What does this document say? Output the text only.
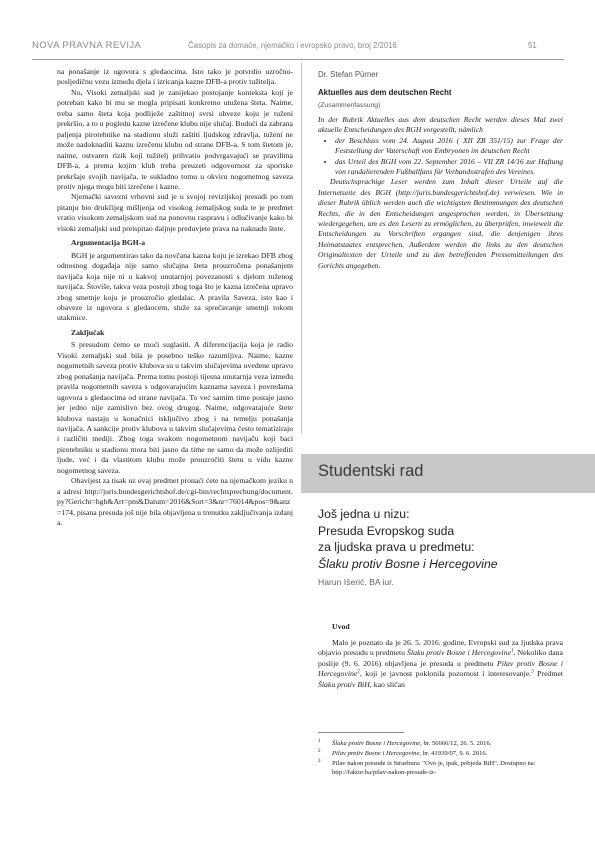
NOVA PRAVNA REVIJA	Časopis za domaće, njemačko i evropsko pravo, broj 2/2016	51

na ponašanje iz ugovora s gledaocima. Isto tako je potvrdio uzročno-posljedičnu vezu između djela i izricanja kazne DFB-a protiv tužitelja.

No, Visoki zemaljski sud je zanijekao postojanje konteksta koji je potreban kako bi mu se mogla pripisati konkretno utužena šteta. Naime, treba samo šteta koja podliježe zaštitnoj svrsi obveze koju je tuženi prekršio, a to u pogledu kazne izrečene klubu nije slučaj. Budući da zabrana paljenja pirotehnike na stadionu služi zaštiti ljudskog zdravlja, tuženi ne može nadoknaditi kaznu izrečenu klubu od strane DFB-a. S tom štetom je, naime, ostvaren rizik koji tužitelj prihvatio podvrgavajući se pravilima DFB-a, a prema kojim klub treba preuzeti odgovornost za sportske prekršaje svojih navijača, te sukladno tomu u okviru nogometnog saveza protiv njega mogu biti izrečene i kazne.

Njemački savezni vrhovni sud je u svojoj revizijskoj presudi po tom pitanju bio drukčijeg mišljenja od visokog zemaljskog suda te je predmet vratio visokom zemaljskom sud na ponovnu raspravu i odlučivanje kako bi visoki zemaljski sud preispitao daljnje preduvjete prava na naknadu štete.

Argumentacija BGH-a

BGH je argumentirao tako da novčana kazna koju je izrekao DFB zbog odnosnog događaja nije samo slučajna šteta prouzročena ponašanjem navijača koja nije ni u kakvoj unutarnjoj povezanosti s djelom tuženog navijača. Štoviše, takva veza postoji zbog toga što je kazna izrečena upravo zbog smetnje koju je prouzročio gledalac. A pravila Saveza, isto kao i obaveze iz ugovora s gledaocem, služe za sprečavanje smetnji tokom utakmice.

Zaključak

S presudom ćemo se moći suglasiti. A diferencijacija koja je radio Visoki zemaljski sud bila je posebno teško razumljiva. Naime, kazne nogometnih saveza protiv klubova su u takvim slučajevima uvedene upravo zbog ponašanja navijača. Prema tomu postoji tijesna unutarnja veza između pravila nogometnih saveza s odgovarajućim kaznama saveza i povređama ugovora s gledaocima od strane navijača. To već samim time postaje jasno jer jedno nije zamislivo bez ovog drugog. Naime, odgovarajuće štete klubova nastaju u konačnici isključivo zbog i na temelju ponašanja navijača. A sankcije protiv klubova u takvim slučajevima često tematiziraju i različiti mediji. Zbog toga svakom nogometnom navijaču koji baci pirotehniku u stadionu mora biti jasno da time ne samo da može ozlijediti ljude, već i da vlastitom klubu može prouzročiti štetu u vidu kazne nogometnog saveza.

Obavijest za tisak uz ovaj predmet pronaći ćete na njemačkom jeziku na adresi http://juris.bundesgerichtshof.de/cgi-bin/rechtsprechung/document.py?Gericht=bgh&Art=pm&Datum=2016&Sort=3&nr=76014&pos=9&anz=174, pisana presuda još nije bila objavljena u trenutku zaključivanja izdanja.

Dr. Stefan Pürner
Aktuelles aus dem deutschen Recht
(Zusammenfassung)

In der Rubrik Aktuelles aus dem deutschen Recht werden dieses Mal zwei aktuelle Entscheidungen des BGH vorgestellt, nämlich

• der Beschluss vom 24. August 2016 ( XII ZB 351/15) zur Frage der Feststellung der Vaterschaft von Embryonen im deutschen Recht
• das Urteil des BGH vom 22. September 2016 – VII ZR 14/16 zur Haftung von randalierenden Fußballfans für Verbandsstrafen des Vereines.

Deutschsprachige Leser werden zum Inhalt dieser Urteile auf die Internetseite des BGH (http://juris.bundesgerichtshof.de) verwiesen. Wie in dieser Rubrik üblich werden auch die wichtigsten Bestimmungen des deutschen Rechts, die in den Entscheidungen angesprochen werden, in Übersetzung wiedergegeben, um es den Lesern zu ermöglichen, zu überprüfen, inwieweit die Entscheidungen zu Vorschriften ergangen sind, die denjenigen ihres Heimatstaates entsprechen. Außerdem werden die links zu den deutschen Originaltexten der Urteile und zu den betreffenden Pressemitteilungen des Gerichts angegeben.

Studentski rad
Još jedna u nizu:
Presuda Evropskog suda
za ljudska prava u predmetu:
Šlaku protiv Bosne i Hercegovine
Harun Išerić, BA iur.
Uvod

Malo je poznato da je 26. 5. 2016. godine, Evropski sud za ljudska prava objavio presudu u predmetu Šlaku protiv Bosne i Hercegovine$^1$. Nekoliko dana poslije (9. 6. 2016) objavljena je presuda u predmetu Pilav protiv Bosne i Hercegovine$^2$, koji je javnost poklonila pozornost i interesovanje.$^3$ Predmet Šlaku protiv BiH, kao sličan

1 Šlaku protiv Bosne i Hercegovine, br. 56666/12, 26. 5. 2016.
2 Pilav protiv Bosne i Hercegovine, br. 41939/07, 9. 6. 2016.
3 Pilav nakon presude iz Strazbura: "Ovo je, ipak, pobjeda BiH". Dostupno na: http://faktor.ba/pilav-nakon-presude-iz-
